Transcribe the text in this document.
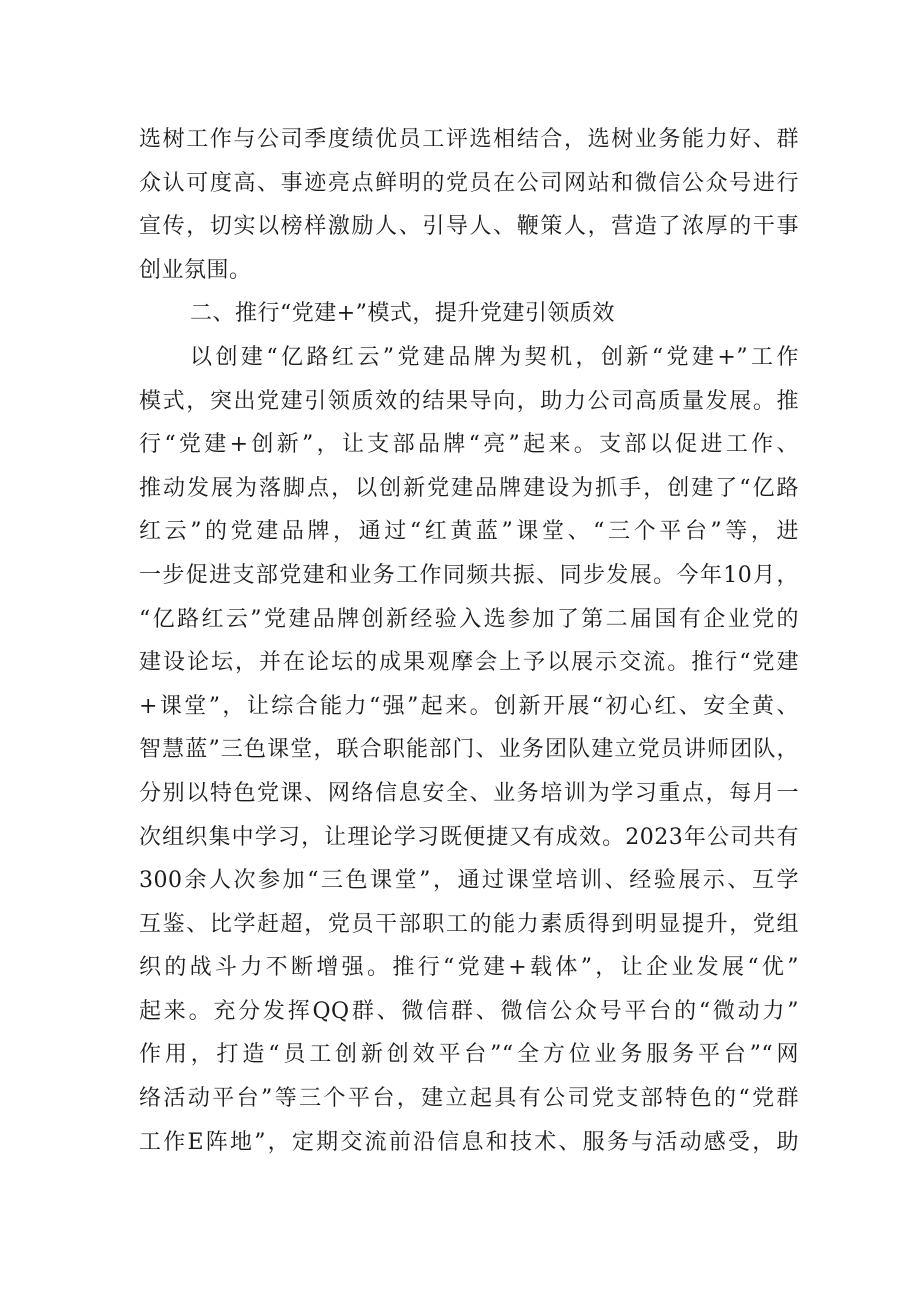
选树工作与公司季度绩优员工评选相结合，选树业务能力好、群
众认可度高、事迹亮点鲜明的党员在公司网站和微信公众号进行
宣传，切实以榜样激励人、引导人、鞭策人，营造了浓厚的干事
创业氛围。
二、推行“党建+”模式，提升党建引领质效
以创建“亿路红云”党建品牌为契机，创新“党建+”工作
模式，突出党建引领质效的结果导向，助力公司高质量发展。推
行“党建+创新”，让支部品牌“亮”起来。支部以促进工作、
推动发展为落脚点，以创新党建品牌建设为抓手，创建了“亿路
红云”的党建品牌，通过“红黄蓝”课堂、“三个平台”等，进
一步促进支部党建和业务工作同频共振、同步发展。今年10月，
“亿路红云”党建品牌创新经验入选参加了第二届国有企业党的
建设论坛，并在论坛的成果观摩会上予以展示交流。推行“党建
+课堂”，让综合能力“强”起来。创新开展“初心红、安全黄、
智慧蓝”三色课堂，联合职能部门、业务团队建立党员讲师团队，
分别以特色党课、网络信息安全、业务培训为学习重点，每月一
次组织集中学习，让理论学习既便捷又有成效。2023年公司共有
300余人次参加“三色课堂”，通过课堂培训、经验展示、互学
互鉴、比学赶超，党员干部职工的能力素质得到明显提升，党组
织的战斗力不断增强。推行“党建+载体”，让企业发展“优”
起来。充分发挥QQ群、微信群、微信公众号平台的“微动力”
作用，打造“员工创新创效平台”“全方位业务服务平台”“网
络活动平台”等三个平台，建立起具有公司党支部特色的“党群
工作E阵地”，定期交流前沿信息和技术、服务与活动感受，助
